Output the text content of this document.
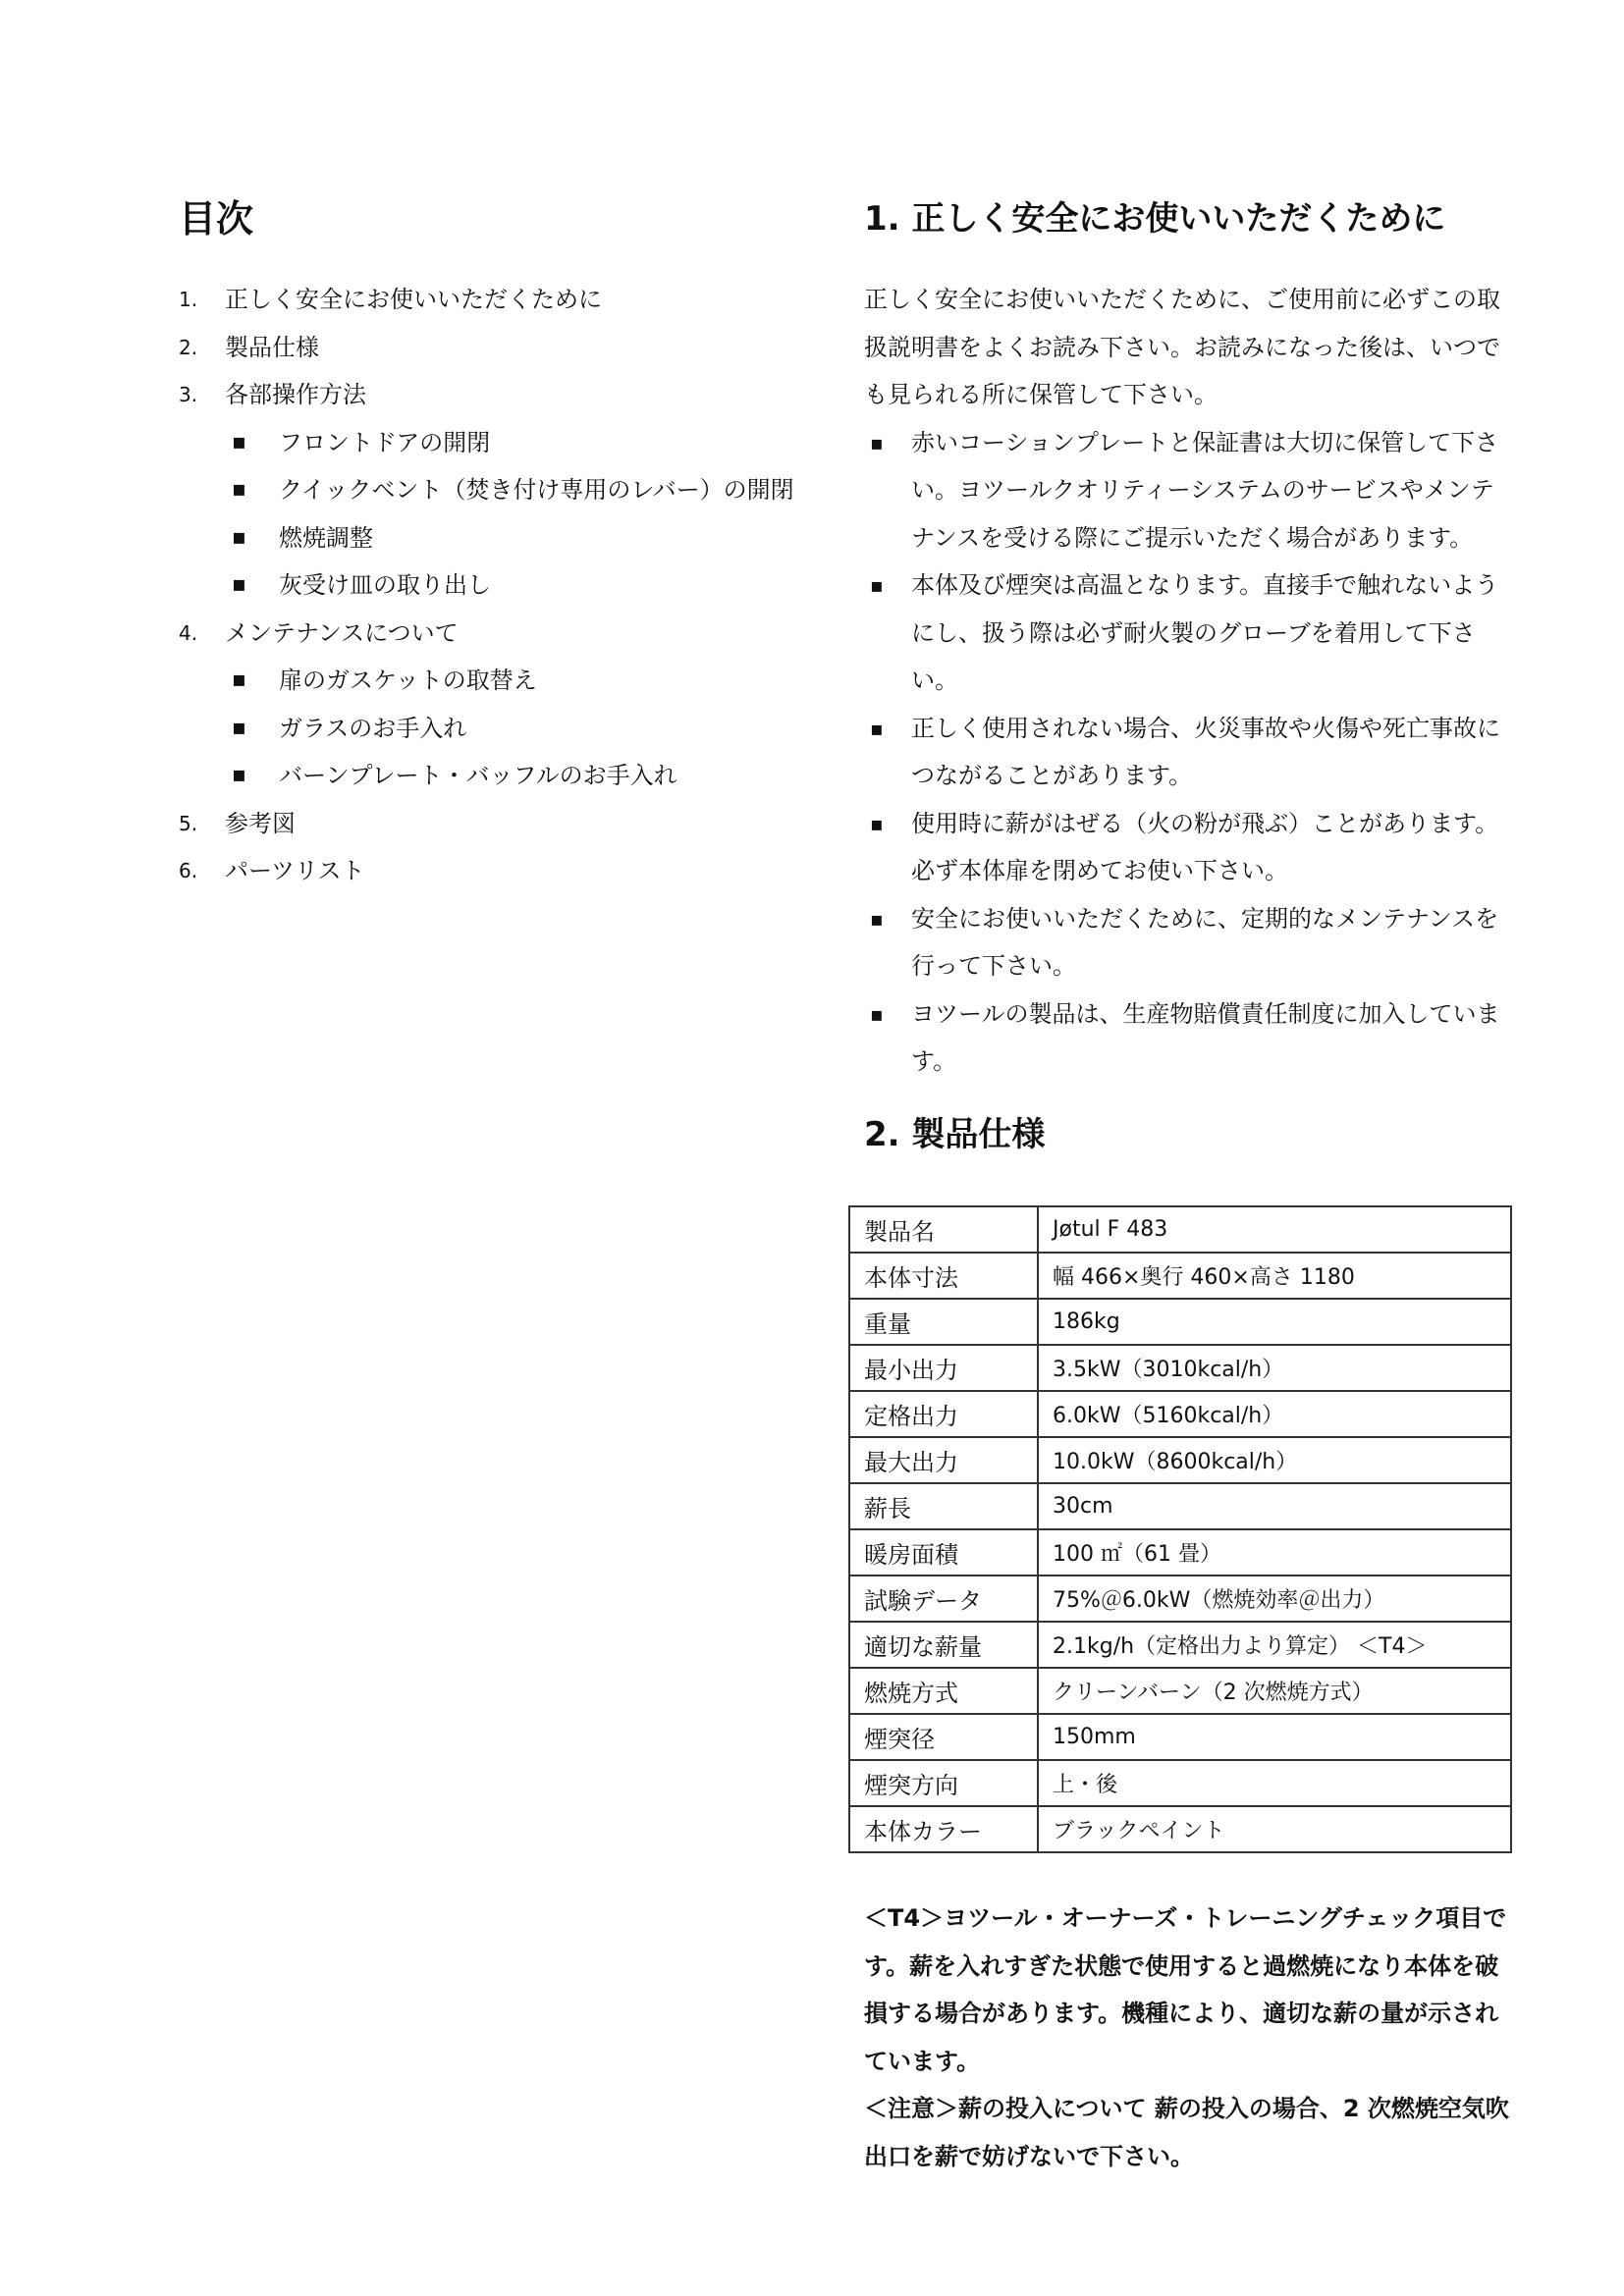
目次
1.	正しく安全にお使いいただくために
2.	製品仕様
3.	各部操作方法
▪ フロントドアの開閉
▪ クイックベント（焚き付け専用のレバー）の開閉
▪ 燃焼調整
▪ 灰受け皿の取り出し
4.	メンテナンスについて
▪ 扉のガスケットの取替え
▪ ガラスのお手入れ
▪ バーンプレート・バッフルのお手入れ
5.	参考図
6.	パーツリスト
1. 正しく安全にお使いいただくために
正しく安全にお使いいただくために、ご使用前に必ずこの取扱説明書をよくお読み下さい。お読みになった後は、いつでも見られる所に保管して下さい。
▪ 赤いコーションプレートと保証書は大切に保管して下さい。ヨツールクオリティーシステムのサービスやメンテナンスを受ける際にご提示いただく場合があります。
▪ 本体及び煙突は高温となります。直接手で触れないようにし、扱う際は必ず耐火製のグローブを着用して下さい。
▪ 正しく使用されない場合、火災事故や火傷や死亡事故につながることがあります。
▪ 使用時に薪がはぜる（火の粉が飛ぶ）ことがあります。必ず本体扉を閉めてお使い下さい。
▪ 安全にお使いいただくために、定期的なメンテナンスを行って下さい。
▪ ヨツールの製品は、生産物賠償責任制度に加入しています。
2. 製品仕様
製品名	Jøtul F 483
本体寸法	幅 466×奥行 460×高さ 1180
重量	186kg
最小出力	3.5kW（3010kcal/h）
定格出力	6.0kW（5160kcal/h）
最大出力	10.0kW（8600kcal/h）
薪長	30cm
暖房面積	100 ㎡（61 畳）
試験データ	75%＠6.0kW（燃焼効率＠出力）
適切な薪量	2.1kg/h（定格出力より算定） ＜T4＞
燃焼方式	クリーンバーン（2 次燃焼方式）
煙突径	150mm
煙突方向	上・後
本体カラー	ブラックペイント

＜T4＞ヨツール・オーナーズ・トレーニングチェック項目です。薪を入れすぎた状態で使用すると過燃焼になり本体を破損する場合があります。機種により、適切な薪の量が示されています。

＜注意＞薪の投入について 薪の投入の場合、2 次燃焼空気吹出口を薪で妨げないで下さい。
